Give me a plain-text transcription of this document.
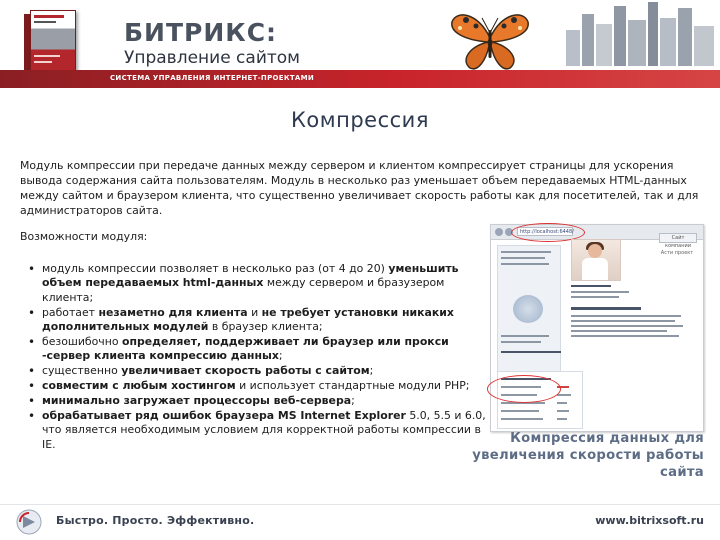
БИТРИКС:
Управление сайтом
СИСТЕМА УПРАВЛЕНИЯ ИНТЕРНЕТ-ПРОЕКТАМИ
Компрессия
Модуль компрессии при передаче данных между сервером и клиентом компрессирует страницы для ускорения вывода содержания сайта пользователям. Модуль в несколько раз уменьшает объем передаваемых HTML-данных между сайтом и браузером клиента, что существенно увеличивает скорость работы как для посетителей, так и для администраторов сайта.
Возможности модуля:
• модуль компрессии позволяет в несколько раз (от 4 до 20) уменьшить объем передаваемых html-данных между сервером и бразузером клиента;
• работает незаметно для клиента и не требует установки никаких дополнительных модулей в браузер клиента;
• безошибочно определяет, поддерживает ли браузер или прокси -сервер клиента компрессию данных;
• существенно увеличивает скорость работы с сайтом;
• совместим с любым хостингом и использует стандартные модули PHP;
• минимально загружает процессоры веб-сервера;
• обрабатывает ряд ошибок браузера MS Internet Explorer 5.0, 5.5 и 6.0, что является необходимым условием для корректной работы компрессии в IE.
http://localhost:6448/
Сайт компании
Асти проект
Компрессия данных для увеличения скорости работы сайта
Быстро. Просто. Эффективно.	www.bitrixsoft.ru
